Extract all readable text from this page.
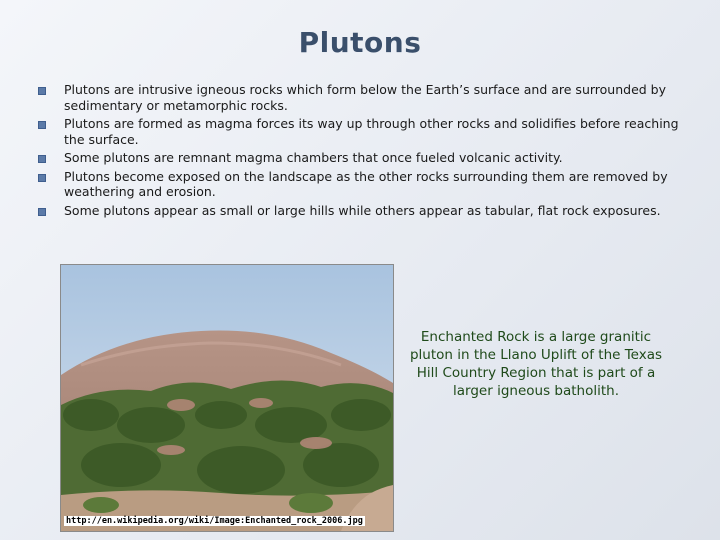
Plutons
Plutons are intrusive igneous rocks which form below the Earth’s surface and are surrounded by sedimentary or metamorphic rocks.
Plutons are formed as magma forces its way up through other rocks and solidifies before reaching the surface.
Some plutons are remnant magma chambers that once fueled volcanic activity.
Plutons become exposed on the landscape as the other rocks surrounding them are removed by weathering and erosion.
Some plutons appear as small or large hills while others appear as tabular, flat rock exposures.
http://en.wikipedia.org/wiki/Image:Enchanted_rock_2006.jpg
Enchanted Rock is a large granitic pluton in the Llano Uplift of the Texas Hill Country Region that is part of a larger igneous batholith.
